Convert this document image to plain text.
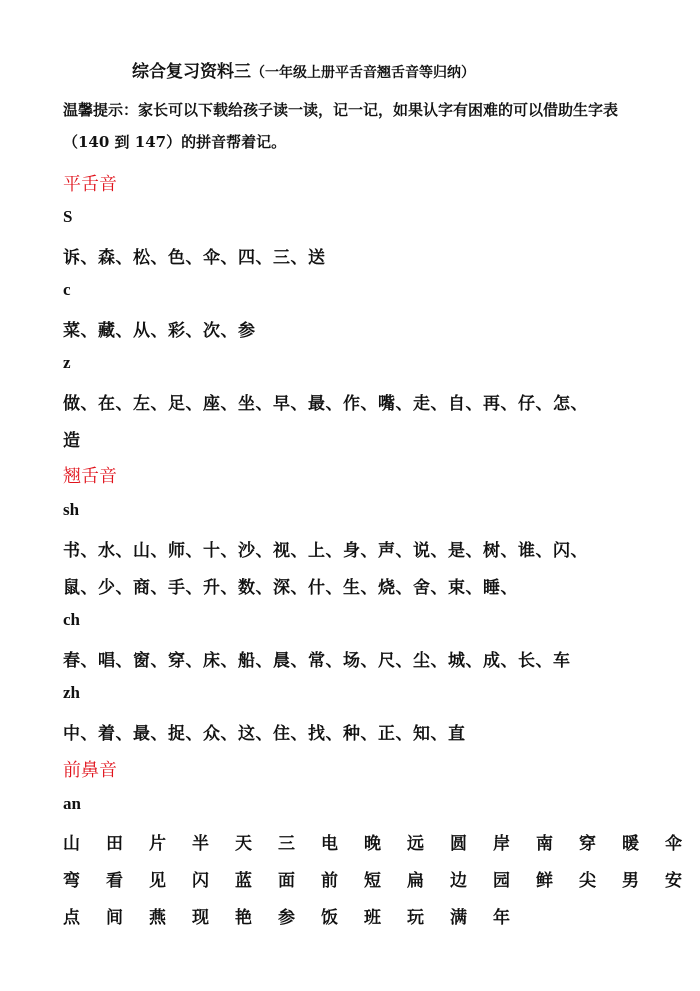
综合复习资料三（一年级上册平舌音翘舌音等归纳）
温馨提示：家长可以下载给孩子读一读，记一记，如果认字有困难的可以借助生字表（140 到 147）的拼音帮着记。
平舌音
S
诉、森、松、色、伞、四、三、送
c
菜、藏、从、彩、次、参
z
做、在、左、足、座、坐、早、最、作、嘴、走、自、再、仔、怎、
造
翘舌音
sh
书、水、山、师、十、沙、视、上、身、声、说、是、树、谁、闪、
鼠、少、商、手、升、数、深、什、生、烧、舍、束、睡、
ch
春、唱、窗、穿、床、船、晨、常、场、尺、尘、城、成、长、车
zh
中、着、最、捉、众、这、住、找、种、正、知、直
前鼻音
an
山	田	片	半	天	三	电	晚	远	圆	岸	南	穿	暖	伞
弯	看	见	闪	蓝	面	前	短	扁	边	园	鲜	尖	男	安
点	间	燕	现	艳	参	饭	班	玩	满	年
